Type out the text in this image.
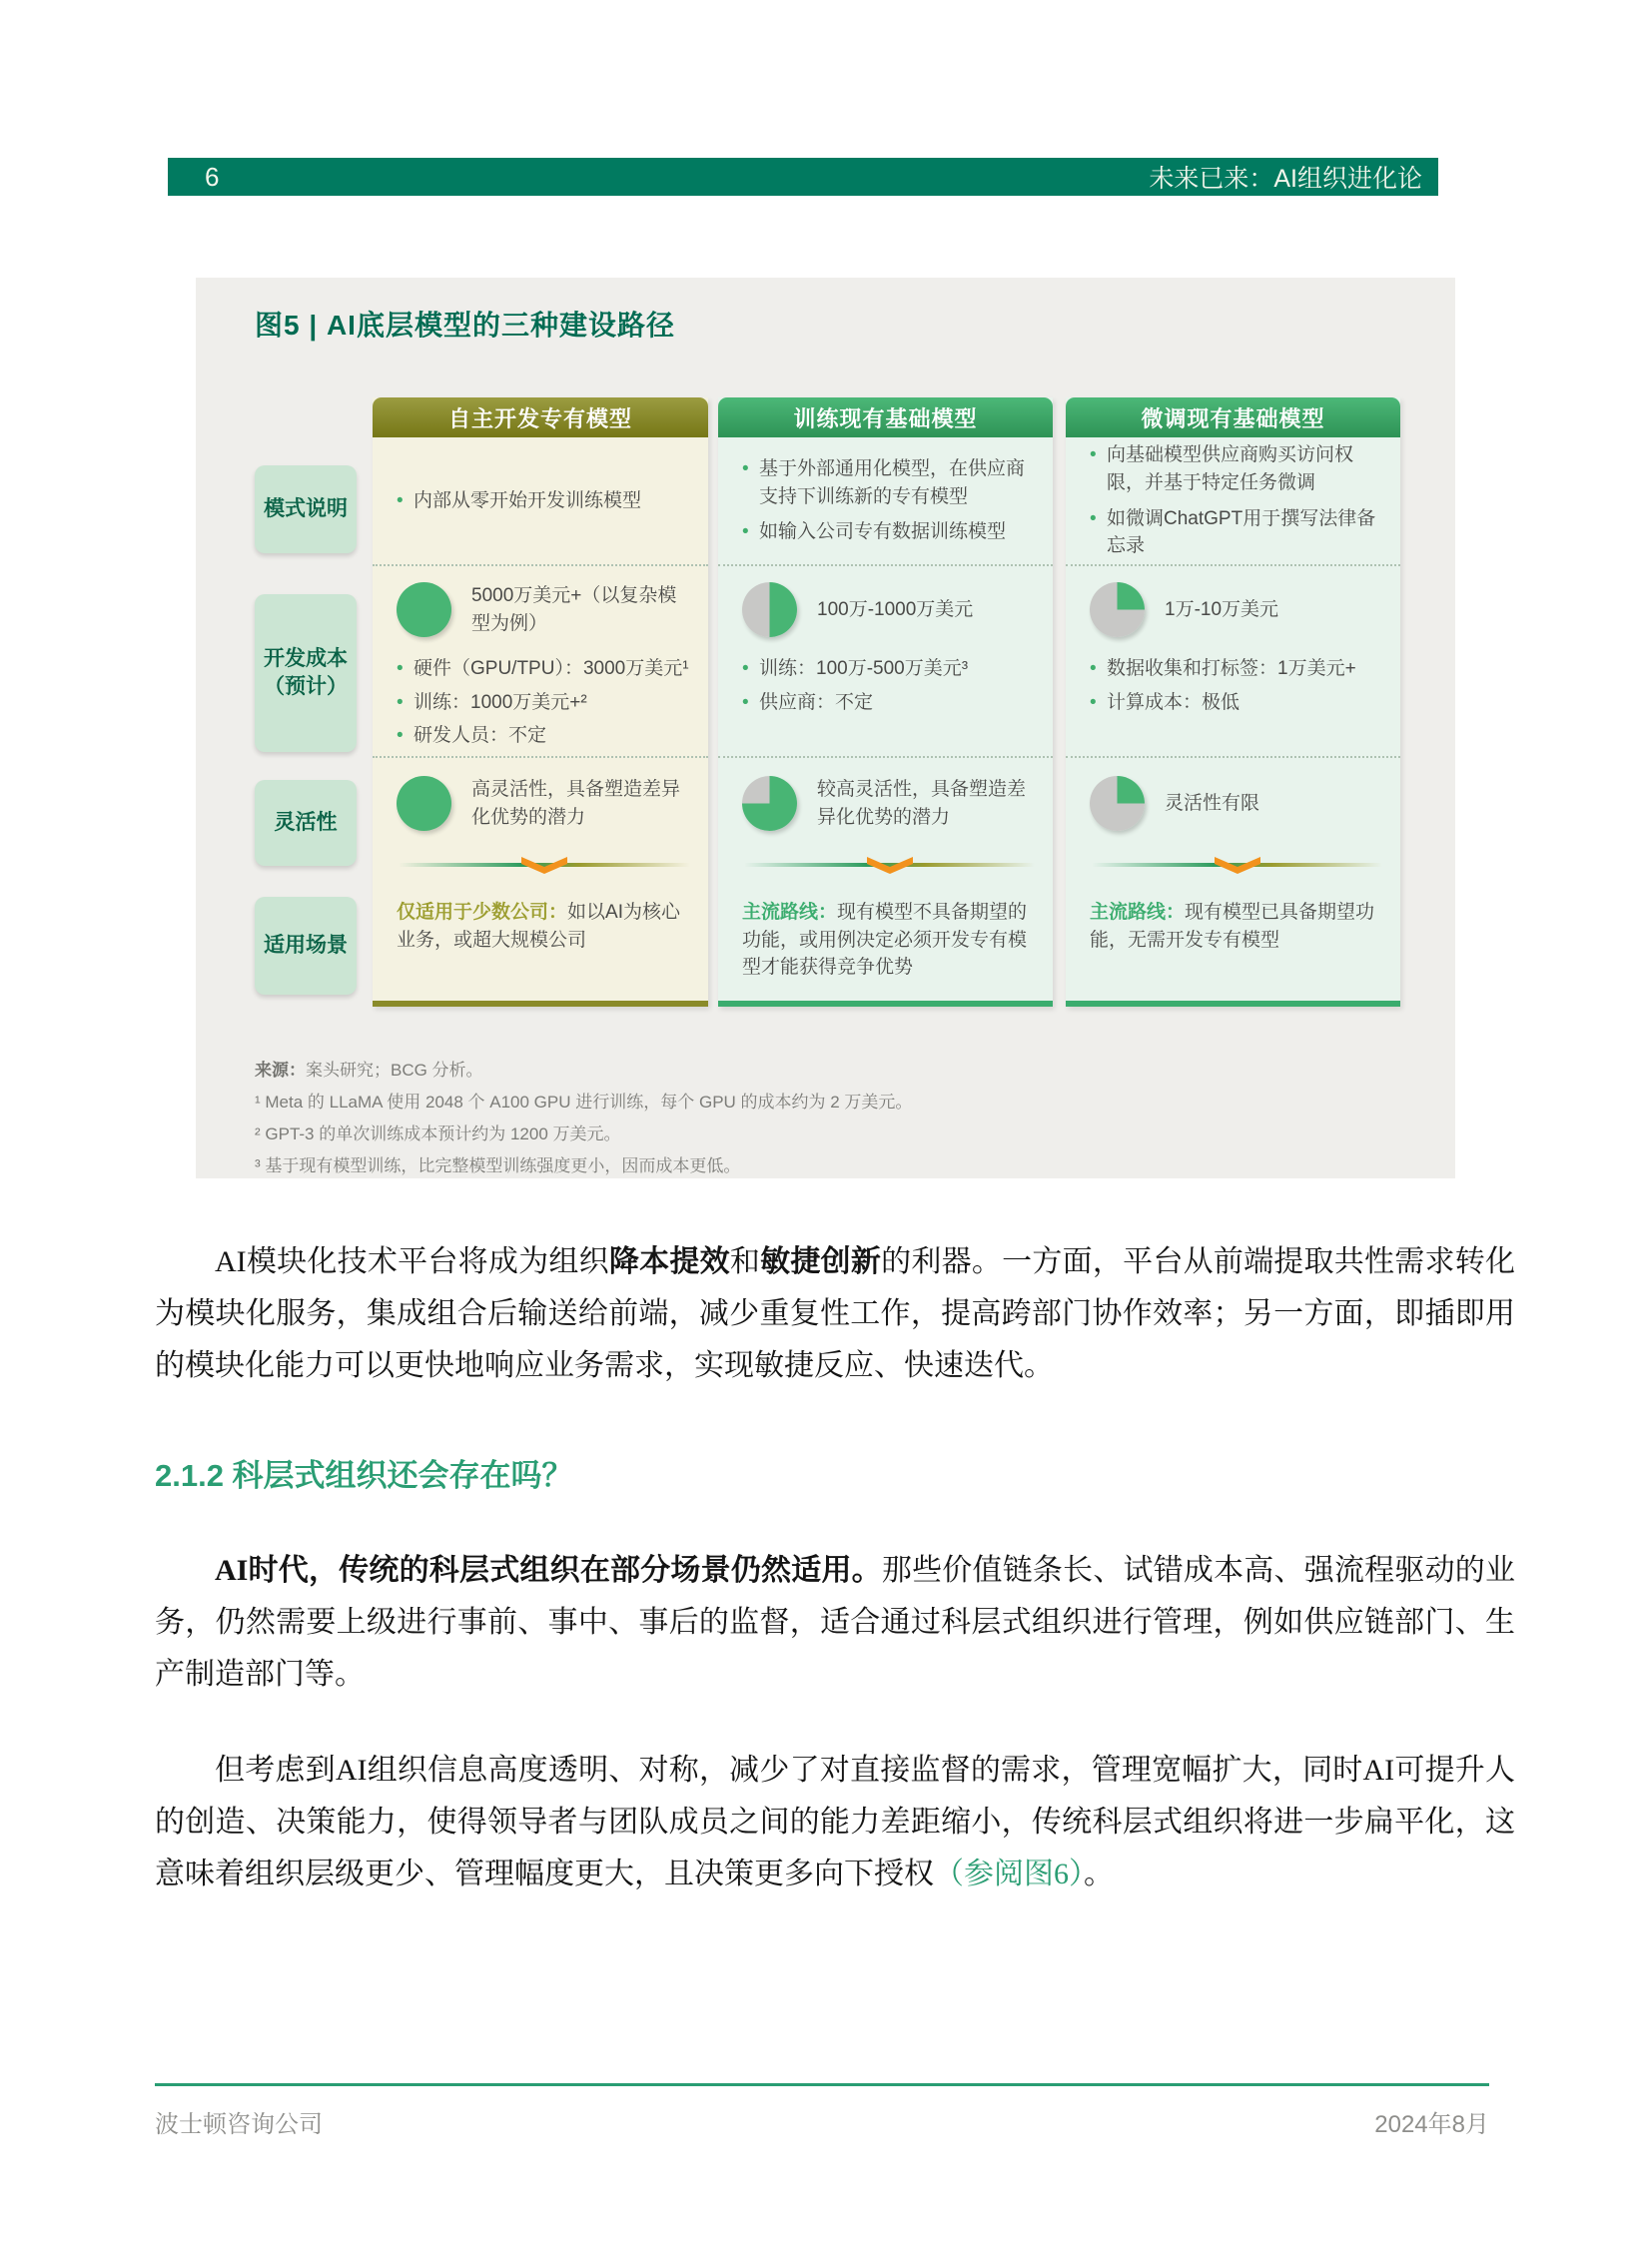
6	未来已来：AI组织进化论
图5 | AI底层模型的三种建设路径
模式说明
开发成本（预计）
灵活性
适用场景
自主开发专有模型
• 内部从零开始开发训练模型
5000万美元+（以复杂模型为例）
• 硬件（GPU/TPU）：3000万美元¹
• 训练：1000万美元+²
• 研发人员：不定
高灵活性，具备塑造差异化优势的潜力

仅适用于少数公司：如以AI为核心业务，或超大规模公司

训练现有基础模型
• 基于外部通用化模型，在供应商支持下训练新的专有模型
• 如输入公司专有数据训练模型
100万-1000万美元
• 训练：100万-500万美元³
• 供应商：不定
较高灵活性，具备塑造差异化优势的潜力

主流路线：现有模型不具备期望的功能，或用例决定必须开发专有模型才能获得竞争优势

微调现有基础模型
• 向基础模型供应商购买访问权限，并基于特定任务微调
• 如微调ChatGPT用于撰写法律备忘录
1万-10万美元
• 数据收集和打标签：1万美元+
• 计算成本：极低
灵活性有限

主流路线：现有模型已具备期望功能，无需开发专有模型

来源：案头研究；BCG 分析。

¹ Meta 的 LLaMA 使用 2048 个 A100 GPU 进行训练，每个 GPU 的成本约为 2 万美元。

² GPT-3 的单次训练成本预计约为 1200 万美元。

³ 基于现有模型训练，比完整模型训练强度更小，因而成本更低。

AI模块化技术平台将成为组织降本提效和敏捷创新的利器。一方面，平台从前端提取共性需求转化为模块化服务，集成组合后输送给前端，减少重复性工作，提高跨部门协作效率；另一方面，即插即用的模块化能力可以更快地响应业务需求，实现敏捷反应、快速迭代。

2.1.2 科层式组织还会存在吗？

AI时代，传统的科层式组织在部分场景仍然适用。那些价值链条长、试错成本高、强流程驱动的业务，仍然需要上级进行事前、事中、事后的监督，适合通过科层式组织进行管理，例如供应链部门、生产制造部门等。

但考虑到AI组织信息高度透明、对称，减少了对直接监督的需求，管理宽幅扩大，同时AI可提升人的创造、决策能力，使得领导者与团队成员之间的能力差距缩小，传统科层式组织将进一步扁平化，这意味着组织层级更少、管理幅度更大，且决策更多向下授权（参阅图6）。

波士顿咨询公司	2024年8月
